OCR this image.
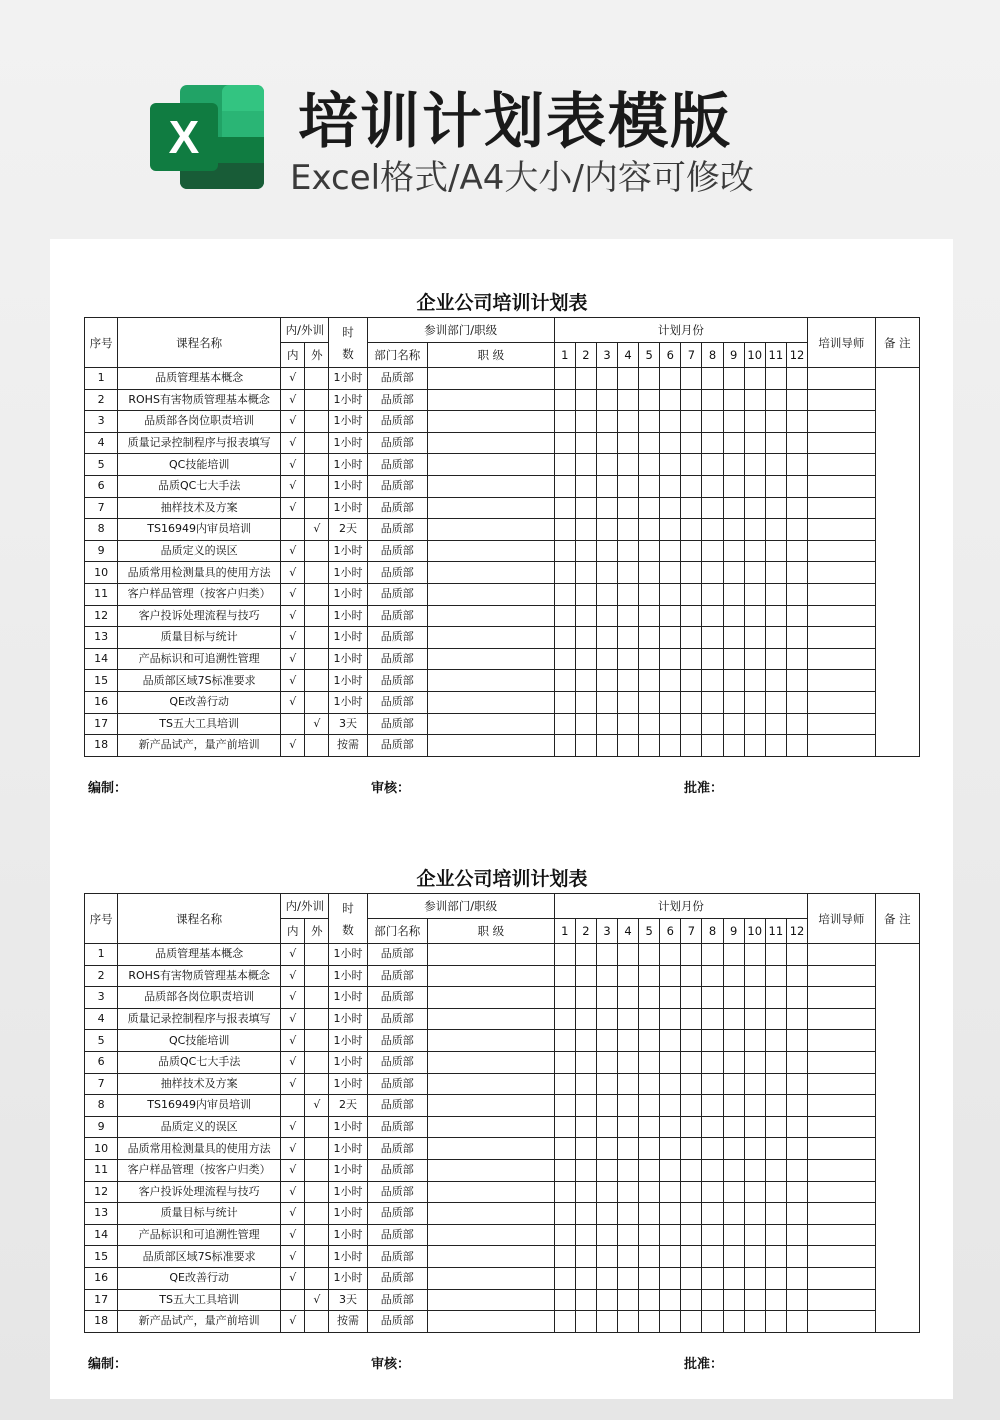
X 培训计划表模版
Excel格式/A4大小/内容可修改
企业公司培训计划表
序号	课程名称	内/外训		时
数	参训部门/职级		计划月份												培训导师	备 注
		内	外		部门名称	职 级	1	2	3	4	5	6	7	8	9	10	11	12		
1	品质管理基本概念	√		1小时	品质部															
2	ROHS有害物质管理基本概念	√		1小时	品质部															
3	品质部各岗位职责培训	√		1小时	品质部															
4	质量记录控制程序与报表填写	√		1小时	品质部															
5	QC技能培训	√		1小时	品质部															
6	品质QC七大手法	√		1小时	品质部															
7	抽样技术及方案	√		1小时	品质部															
8	TS16949内审员培训		√	2天	品质部															
9	品质定义的误区	√		1小时	品质部															
10	品质常用检测量具的使用方法	√		1小时	品质部															
11	客户样品管理（按客户归类）	√		1小时	品质部															
12	客户投诉处理流程与技巧	√		1小时	品质部															
13	质量目标与统计	√		1小时	品质部															
14	产品标识和可追溯性管理	√		1小时	品质部															
15	品质部区域7S标准要求	√		1小时	品质部															
16	QE改善行动	√		1小时	品质部															
17	TS五大工具培训		√	3天	品质部															
18	新产品试产，量产前培训	√		按需	品质部															
编制：	审核：	批准：
企业公司培训计划表
序号	课程名称	内/外训		时
数	参训部门/职级		计划月份												培训导师	备 注
		内	外		部门名称	职 级	1	2	3	4	5	6	7	8	9	10	11	12		
1	品质管理基本概念	√		1小时	品质部															
2	ROHS有害物质管理基本概念	√		1小时	品质部															
3	品质部各岗位职责培训	√		1小时	品质部															
4	质量记录控制程序与报表填写	√		1小时	品质部															
5	QC技能培训	√		1小时	品质部															
6	品质QC七大手法	√		1小时	品质部															
7	抽样技术及方案	√		1小时	品质部															
8	TS16949内审员培训		√	2天	品质部															
9	品质定义的误区	√		1小时	品质部															
10	品质常用检测量具的使用方法	√		1小时	品质部															
11	客户样品管理（按客户归类）	√		1小时	品质部															
12	客户投诉处理流程与技巧	√		1小时	品质部															
13	质量目标与统计	√		1小时	品质部															
14	产品标识和可追溯性管理	√		1小时	品质部															
15	品质部区域7S标准要求	√		1小时	品质部															
16	QE改善行动	√		1小时	品质部															
17	TS五大工具培训		√	3天	品质部															
18	新产品试产，量产前培训	√		按需	品质部															
编制：	审核：	批准：
